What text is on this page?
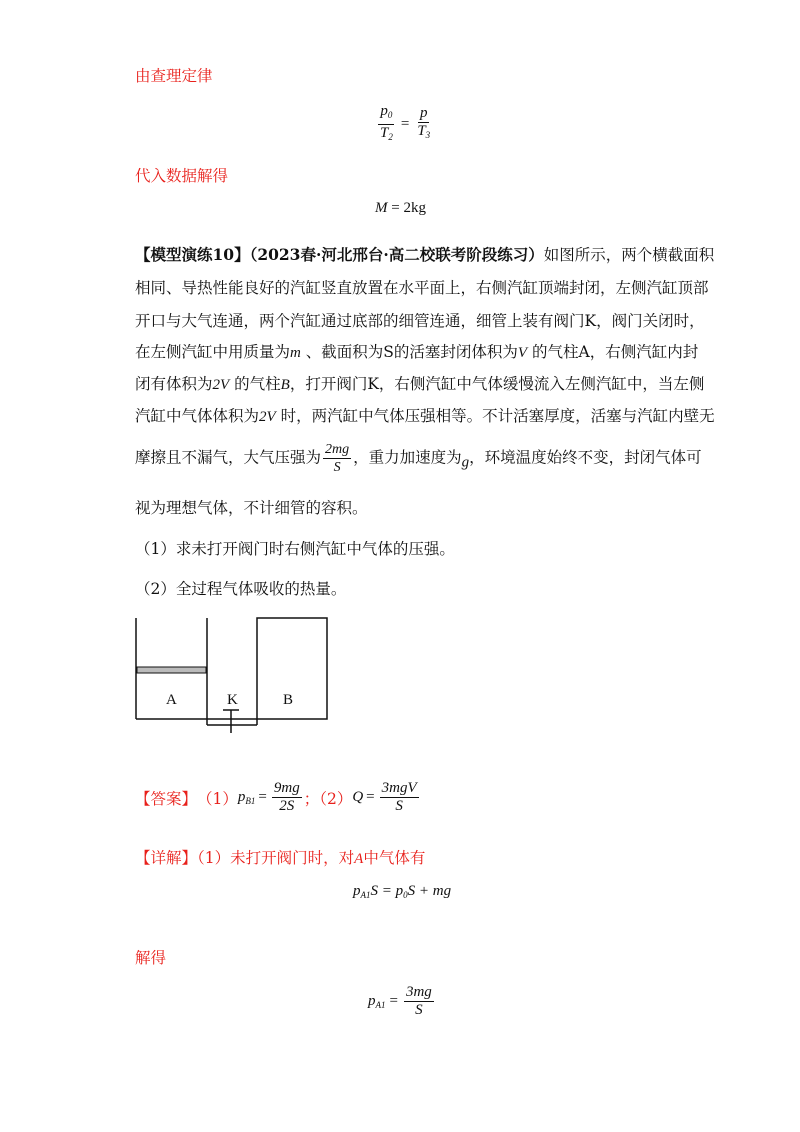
由查理定律
$\frac{p_0}{T_2} = \frac{p}{T_3}$
代入数据解得
M = 2kg
【模型演练10】（2023春·河北邢台·高二校联考阶段练习）如图所示，两个横截面积
相同、导热性能良好的汽缸竖直放置在水平面上，右侧汽缸顶端封闭，左侧汽缸顶部
开口与大气连通，两个汽缸通过底部的细管连通，细管上装有阀门K，阀门关闭时，
在左侧汽缸中用质量为m 、截面积为S的活塞封闭体积为V 的气柱A，右侧汽缸内封
闭有体积为2V 的气柱B，打开阀门K，右侧汽缸中气体缓慢流入左侧汽缸中，当左侧
汽缸中气体体积为2V 时，两汽缸中气体压强相等。不计活塞厚度，活塞与汽缸内壁无
摩擦且不漏气，大气压强为 $\frac{2mg}{S}$ ，重力加速度为g，环境温度始终不变，封闭气体可
视为理想气体，不计细管的容积。
（1）求未打开阀门时右侧汽缸中气体的压强。
（2）全过程气体吸收的热量。
A	K	B
【答案】 （1） $p_{B1} = \frac{9mg}{2S}$ ；（2） $Q = \frac{\text{3mgV}}{S}$
【详解】（1）未打开阀门时，对A中气体有
$p_{A1}S = p_0S$ + mg
解得
$p_{A1} = \frac{3mg}{S}$
